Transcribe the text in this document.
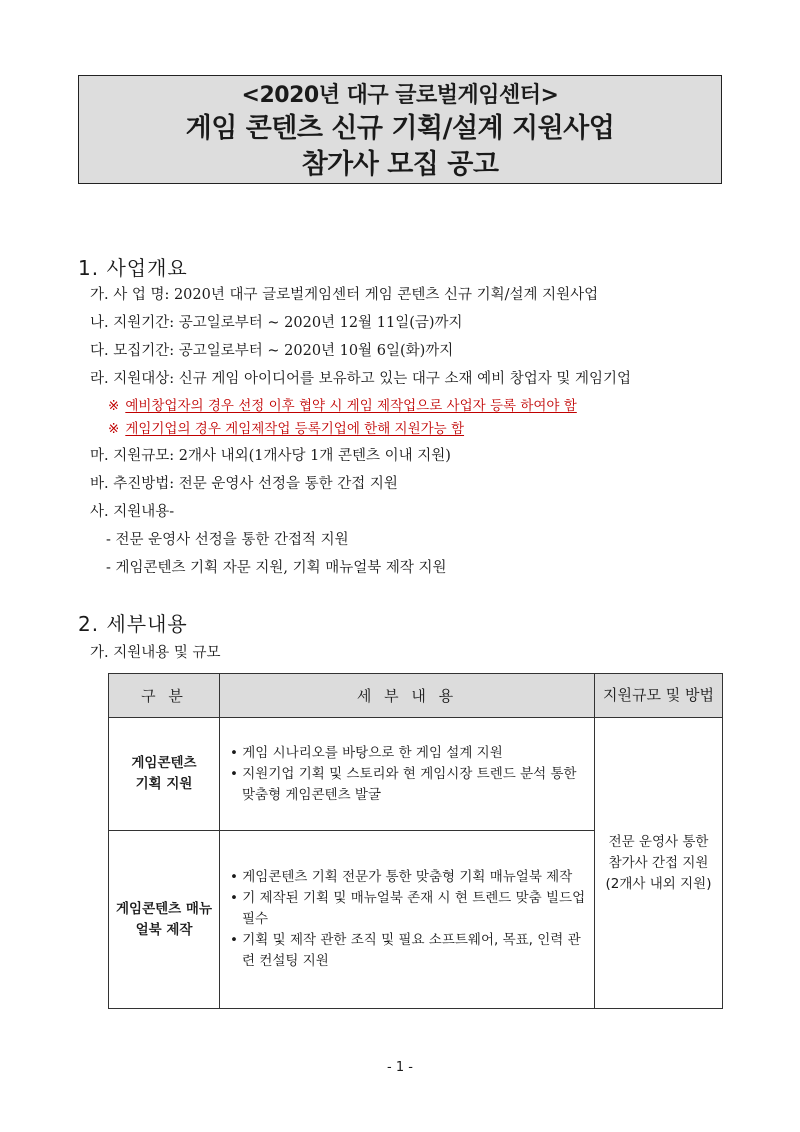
<2020년 대구 글로벌게임센터>
게임 콘텐츠 신규 기획/설계 지원사업
참가사 모집 공고
1. 사업개요
가. 사 업 명: 2020년 대구 글로벌게임센터 게임 콘텐츠 신규 기획/설계 지원사업
나. 지원기간: 공고일로부터 ~ 2020년 12월 11일(금)까지
다. 모집기간: 공고일로부터 ~ 2020년 10월 6일(화)까지
라. 지원대상: 신규 게임 아이디어를 보유하고 있는 대구 소재 예비 창업자 및 게임기업
※ 예비창업자의 경우 선정 이후 협약 시 게임 제작업으로 사업자 등록 하여야 함
※ 게임기업의 경우 게임제작업 등록기업에 한해 지원가능 함
마. 지원규모: 2개사 내외(1개사당 1개 콘텐츠 이내 지원)
바. 추진방법: 전문 운영사 선정을 통한 간접 지원
사. 지원내용-
- 전문 운영사 선정을 통한 간접적 지원
- 게임콘텐츠 기획 자문 지원, 기획 매뉴얼북 제작 지원
2. 세부내용
가. 지원내용 및 규모
구 분	세 부 내 용	지원규모 및 방법

게임콘텐츠 기획 지원	• 게임 시나리오를 바탕으로 한 게임 설계 지원
• 지원기업 기획 및 스토리와 현 게임시장 트렌드 분석 통한 맞춤형 게임콘텐츠 발굴	전문 운영사 통한 참가사 간접 지원 (2개사 내외 지원)

게임콘텐츠 매뉴얼북 제작	• 게임콘텐츠 기획 전문가 통한 맞춤형 기획 매뉴얼북 제작
• 기 제작된 기획 및 매뉴얼북 존재 시 현 트렌드 맞춤 빌드업 필수
• 기획 및 제작 관한 조직 및 필요 소프트웨어, 목표, 인력 관련 컨설팅 지원	
- 1 -
